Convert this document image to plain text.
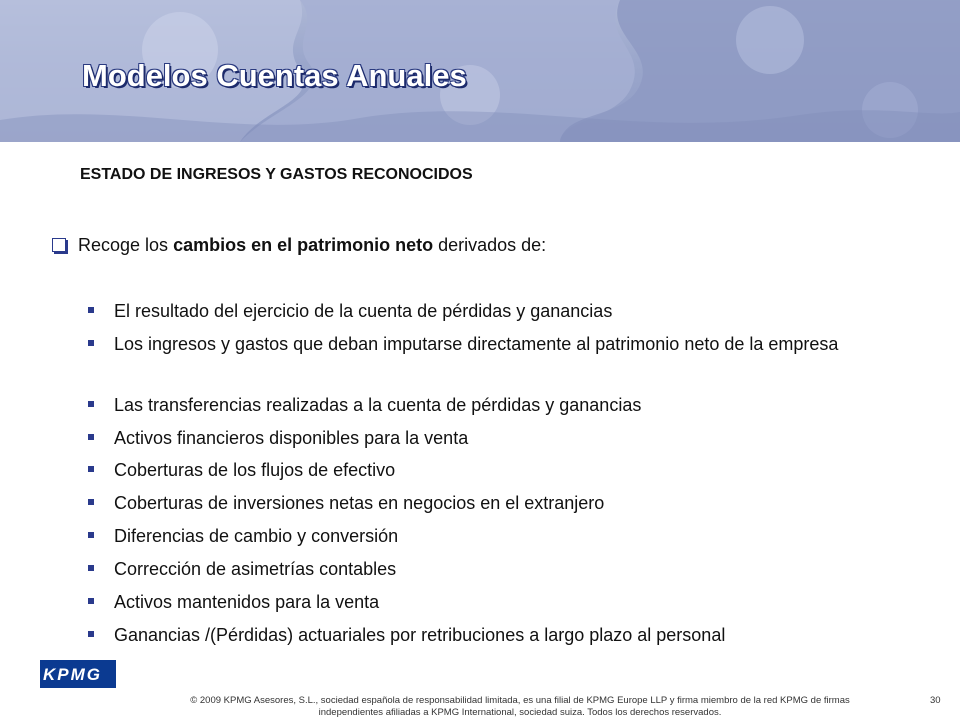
Modelos Cuentas Anuales
ESTADO DE INGRESOS Y GASTOS RECONOCIDOS
Recoge los cambios en el patrimonio neto derivados de:
El resultado del ejercicio de la cuenta de pérdidas y ganancias
Los ingresos y gastos que deban imputarse directamente al patrimonio neto de la empresa
Las transferencias realizadas a la cuenta de pérdidas y ganancias
Activos financieros disponibles para la venta
Coberturas de los flujos de efectivo
Coberturas de inversiones netas en negocios en el extranjero
Diferencias de cambio y conversión
Corrección de asimetrías contables
Activos mantenidos para la venta
Ganancias /(Pérdidas) actuariales por retribuciones a largo plazo al personal
KPMG
© 2009 KPMG Asesores, S.L., sociedad española de responsabilidad limitada, es una filial de KPMG Europe LLP y firma miembro de la red KPMG de firmas
independientes afiliadas a KPMG International, sociedad suiza. Todos los derechos reservados.
30
